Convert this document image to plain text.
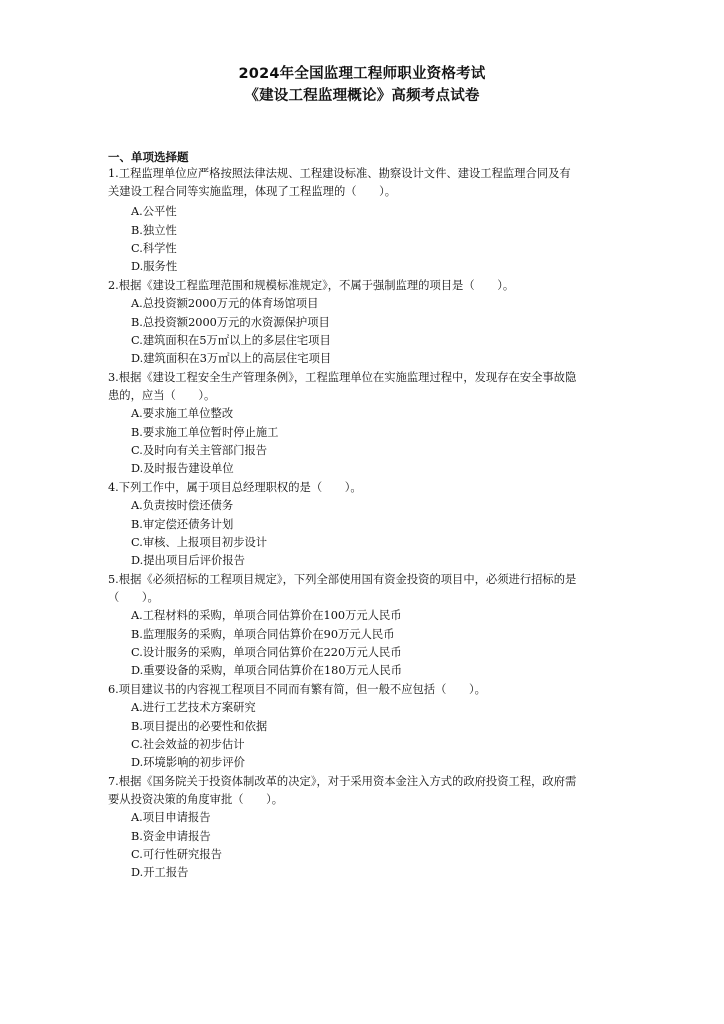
2024年全国监理工程师职业资格考试
《建设工程监理概论》高频考点试卷
一、单项选择题
1.工程监理单位应严格按照法律法规、工程建设标准、勘察设计文件、建设工程监理合同及有
关建设工程合同等实施监理，体现了工程监理的（　　）。
A.公平性
B.独立性
C.科学性
D.服务性
2.根据《建设工程监理范围和规模标准规定》，不属于强制监理的项目是（　　）。
A.总投资额2000万元的体育场馆项目
B.总投资额2000万元的水资源保护项目
C.建筑面积在5万㎡以上的多层住宅项目
D.建筑面积在3万㎡以上的高层住宅项目
3.根据《建设工程安全生产管理条例》，工程监理单位在实施监理过程中，发现存在安全事故隐
患的，应当（　　）。
A.要求施工单位整改
B.要求施工单位暂时停止施工
C.及时向有关主管部门报告
D.及时报告建设单位
4.下列工作中，属于项目总经理职权的是（　　）。
A.负责按时偿还债务
B.审定偿还债务计划
C.审核、上报项目初步设计
D.提出项目后评价报告
5.根据《必须招标的工程项目规定》，下列全部使用国有资金投资的项目中，必须进行招标的是
（　　）。
A.工程材料的采购，单项合同估算价在100万元人民币
B.监理服务的采购，单项合同估算价在90万元人民币
C.设计服务的采购，单项合同估算价在220万元人民币
D.重要设备的采购，单项合同估算价在180万元人民币
6.项目建议书的内容视工程项目不同而有繁有简，但一般不应包括（　　）。
A.进行工艺技术方案研究
B.项目提出的必要性和依据
C.社会效益的初步估计
D.环境影响的初步评价
7.根据《国务院关于投资体制改革的决定》，对于采用资本金注入方式的政府投资工程，政府需
要从投资决策的角度审批（　　）。
A.项目申请报告
B.资金申请报告
C.可行性研究报告
D.开工报告
